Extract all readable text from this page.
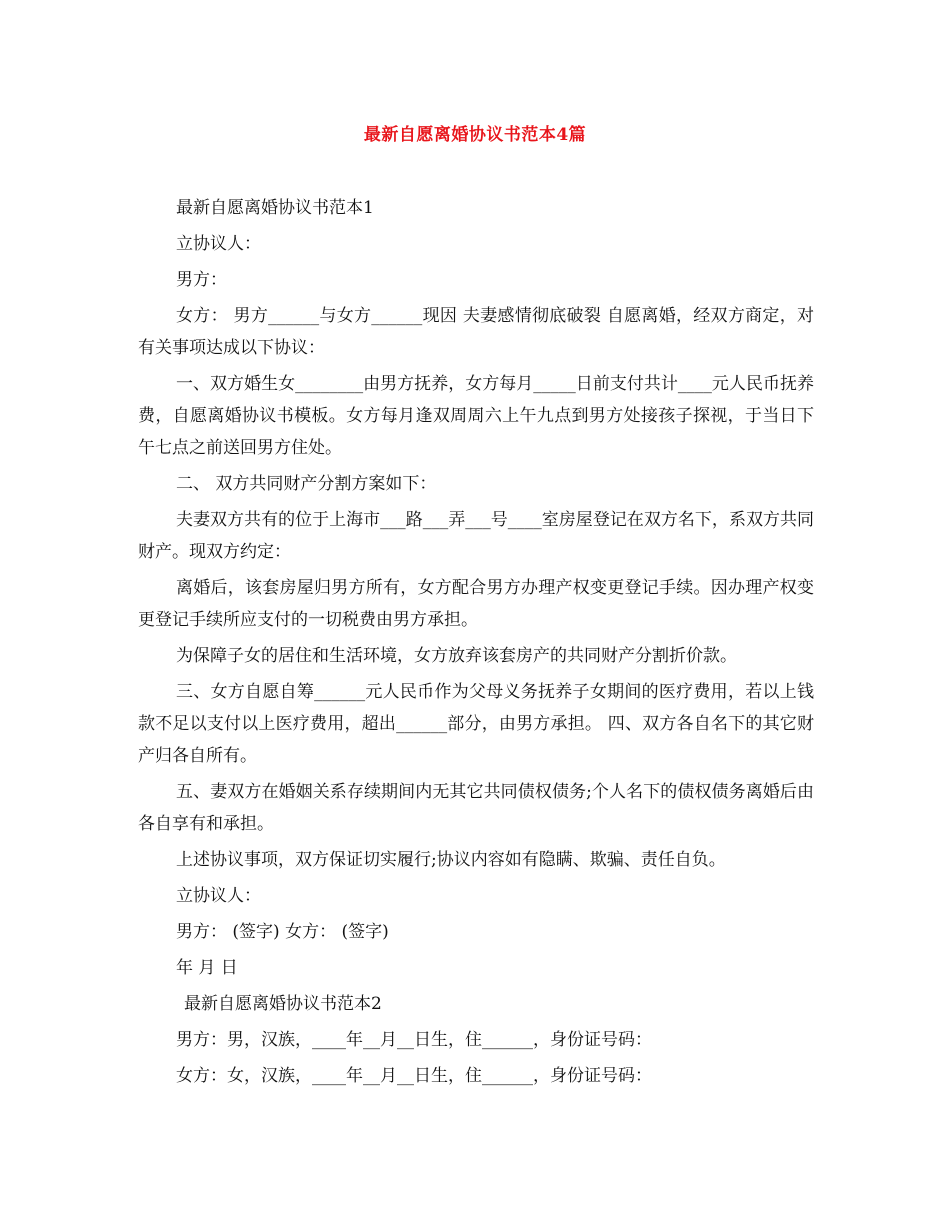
最新自愿离婚协议书范本4篇

最新自愿离婚协议书范本1

立协议人：

男方：

女方： 男方______与女方______现因 夫妻感情彻底破裂 自愿离婚，经双方商定，对有关事项达成以下协议：

一、双方婚生女________由男方抚养，女方每月_____日前支付共计____元人民币抚养费，自愿离婚协议书模板。女方每月逢双周周六上午九点到男方处接孩子探视，于当日下午七点之前送回男方住处。

二、 双方共同财产分割方案如下：

夫妻双方共有的位于上海市___路___弄___号____室房屋登记在双方名下，系双方共同财产。现双方约定：

离婚后，该套房屋归男方所有，女方配合男方办理产权变更登记手续。因办理产权变更登记手续所应支付的一切税费由男方承担。

为保障子女的居住和生活环境，女方放弃该套房产的共同财产分割折价款。

三、女方自愿自筹______元人民币作为父母义务抚养子女期间的医疗费用，若以上钱款不足以支付以上医疗费用，超出______部分，由男方承担。 四、双方各自名下的其它财产归各自所有。

五、妻双方在婚姻关系存续期间内无其它共同债权债务;个人名下的债权债务离婚后由各自享有和承担。

上述协议事项，双方保证切实履行;协议内容如有隐瞒、欺骗、责任自负。

立协议人：

男方： (签字) 女方： (签字)

年 月 日

最新自愿离婚协议书范本2

男方：男，汉族，____年__月__日生，住______，身份证号码：

女方：女，汉族，____年__月__日生，住______，身份证号码：
